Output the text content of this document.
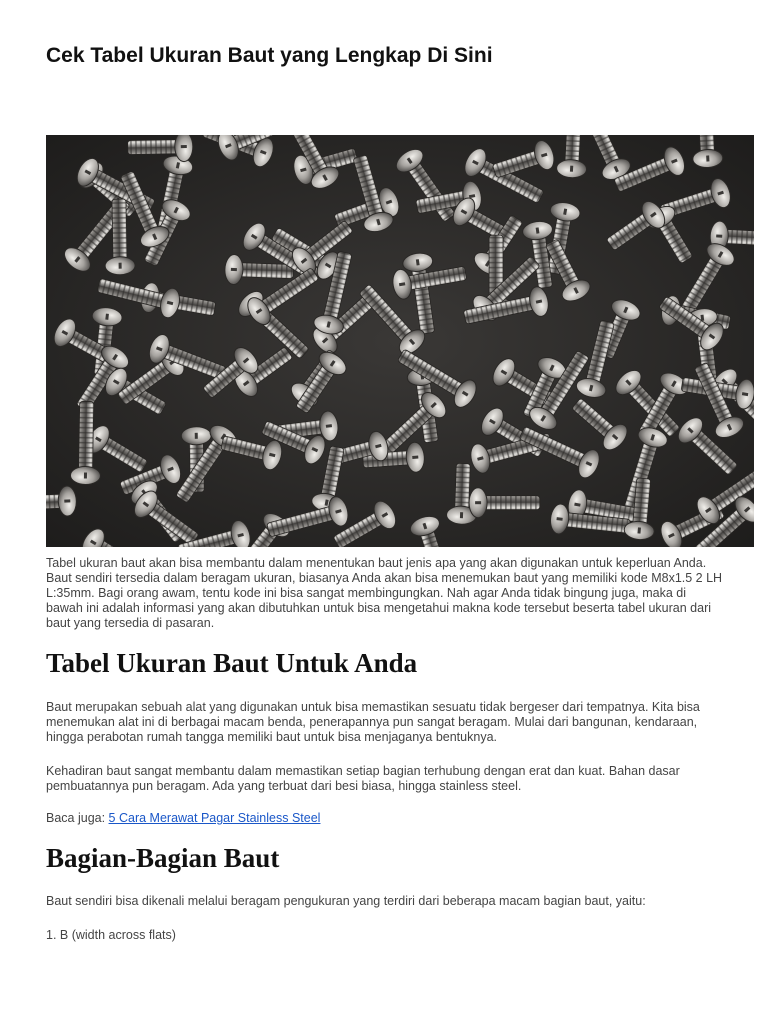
Cek Tabel Ukuran Baut yang Lengkap Di Sini

Tabel ukuran baut akan bisa membantu dalam menentukan baut jenis apa yang akan digunakan untuk keperluan Anda. Baut sendiri tersedia dalam beragam ukuran, biasanya Anda akan bisa menemukan baut yang memiliki kode M8x1.5 2 LH L:35mm. Bagi orang awam, tentu kode ini bisa sangat membingungkan. Nah agar Anda tidak bingung juga, maka di bawah ini adalah informasi yang akan dibutuhkan untuk bisa mengetahui makna kode tersebut beserta tabel ukuran dari baut yang tersedia di pasaran.

Tabel Ukuran Baut Untuk Anda

Baut merupakan sebuah alat yang digunakan untuk bisa memastikan sesuatu tidak bergeser dari tempatnya. Kita bisa menemukan alat ini di berbagai macam benda, penerapannya pun sangat beragam. Mulai dari bangunan, kendaraan, hingga perabotan rumah tangga memiliki baut untuk bisa menjaganya bentuknya.

Kehadiran baut sangat membantu dalam memastikan setiap bagian terhubung dengan erat dan kuat. Bahan dasar pembuatannya pun beragam. Ada yang terbuat dari besi biasa, hingga stainless steel.

Baca juga: 5 Cara Merawat Pagar Stainless Steel

Bagian-Bagian Baut

Baut sendiri bisa dikenali melalui beragam pengukuran yang terdiri dari beberapa macam bagian baut, yaitu:

1. B (width across flats)
